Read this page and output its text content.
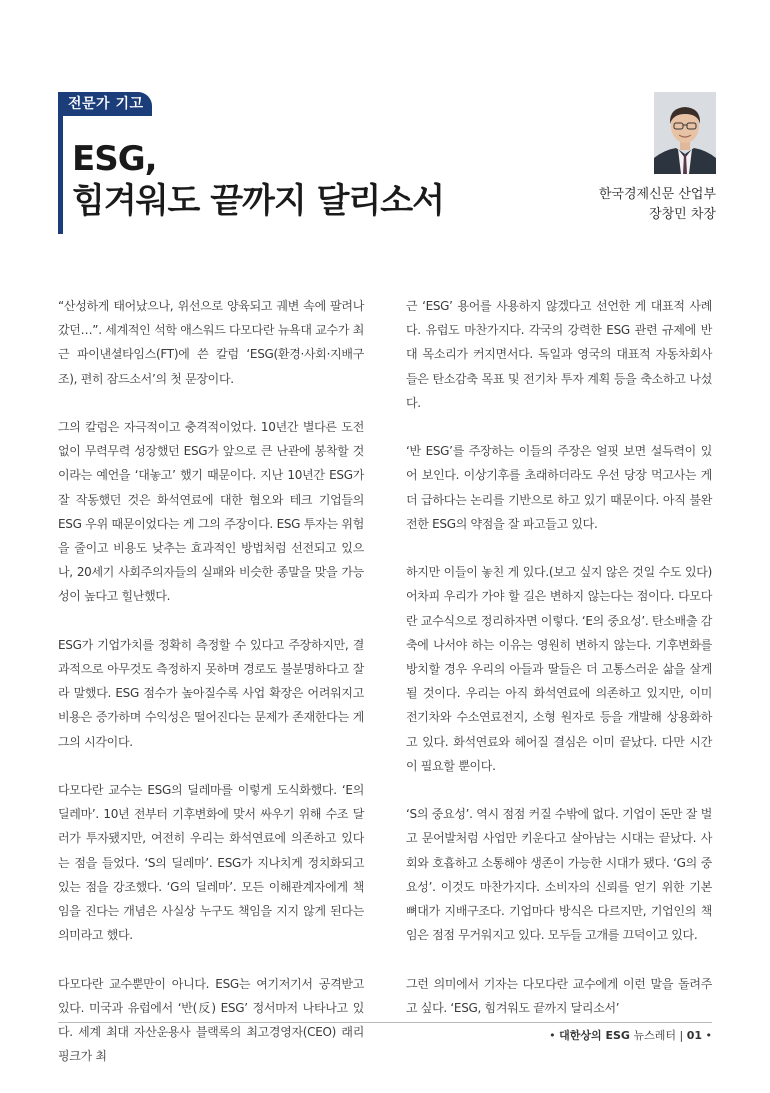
전문가 기고
ESG,
힘겨워도 끝까지 달리소서	한국경제신문 산업부
장창민 차장

“산성하게 태어났으나, 위선으로 양육되고 궤변 속에 팔려나갔던…”. 세계적인 석학 애스워드 다모다란 뉴욕대 교수가 최근 파이낸셜타임스(FT)에 쓴 칼럼 ‘ESG(환경·사회·지배구조), 편히 잠드소서’의 첫 문장이다.

그의 칼럼은 자극적이고 충격적이었다. 10년간 별다른 도전 없이 무력무력 성장했던 ESG가 앞으로 큰 난관에 봉착할 것이라는 예언을 ‘대놓고’ 했기 때문이다. 지난 10년간 ESG가 잘 작동했던 것은 화석연료에 대한 혐오와 테크 기업들의 ESG 우위 때문이었다는 게 그의 주장이다. ESG 투자는 위험을 줄이고 비용도 낮추는 효과적인 방법처럼 선전되고 있으나, 20세기 사회주의자들의 실패와 비슷한 종말을 맞을 가능성이 높다고 힐난했다.

ESG가 기업가치를 정확히 측정할 수 있다고 주장하지만, 결과적으로 아무것도 측정하지 못하며 경로도 불분명하다고 잘라 말했다. ESG 점수가 높아질수록 사업 확장은 어려워지고 비용은 증가하며 수익성은 떨어진다는 문제가 존재한다는 게 그의 시각이다.

다모다란 교수는 ESG의 딜레마를 이렇게 도식화했다. ‘E의 딜레마’. 10년 전부터 기후변화에 맞서 싸우기 위해 수조 달러가 투자됐지만, 여전히 우리는 화석연료에 의존하고 있다는 점을 들었다. ‘S의 딜레마’. ESG가 지나치게 정치화되고 있는 점을 강조했다. ‘G의 딜레마’. 모든 이해관계자에게 책임을 진다는 개념은 사실상 누구도 책임을 지지 않게 된다는 의미라고 했다.

다모다란 교수뿐만이 아니다. ESG는 여기저기서 공격받고 있다. 미국과 유럽에서 ‘반(反) ESG’ 정서마저 나타나고 있다. 세계 최대 자산운용사 블랙록의 최고경영자(CEO) 래리 핑크가 최

근 ‘ESG’ 용어를 사용하지 않겠다고 선언한 게 대표적 사례다. 유럽도 마찬가지다. 각국의 강력한 ESG 관련 규제에 반대 목소리가 커지면서다. 독일과 영국의 대표적 자동차회사들은 탄소감축 목표 및 전기차 투자 계획 등을 축소하고 나섰다.

‘반 ESG’를 주장하는 이들의 주장은 얼핏 보면 설득력이 있어 보인다. 이상기후를 초래하더라도 우선 당장 먹고사는 게 더 급하다는 논리를 기반으로 하고 있기 때문이다. 아직 불완전한 ESG의 약점을 잘 파고들고 있다.

하지만 이들이 놓친 게 있다.(보고 싶지 않은 것일 수도 있다) 어차피 우리가 가야 할 길은 변하지 않는다는 점이다. 다모다란 교수식으로 정리하자면 이렇다. ‘E의 중요성’. 탄소배출 감축에 나서야 하는 이유는 영원히 변하지 않는다. 기후변화를 방치할 경우 우리의 아들과 딸들은 더 고통스러운 삶을 살게 될 것이다. 우리는 아직 화석연료에 의존하고 있지만, 이미 전기차와 수소연료전지, 소형 원자로 등을 개발해 상용화하고 있다. 화석연료와 헤어질 결심은 이미 끝났다. 다만 시간이 필요할 뿐이다.

‘S의 중요성’. 역시 점점 커질 수밖에 없다. 기업이 돈만 잘 벌고 문어발처럼 사업만 키운다고 살아남는 시대는 끝났다. 사회와 호흡하고 소통해야 생존이 가능한 시대가 됐다. ‘G의 중요성’. 이것도 마찬가지다. 소비자의 신뢰를 얻기 위한 기본 뼈대가 지배구조다. 기업마다 방식은 다르지만, 기업인의 책임은 점점 무거워지고 있다. 모두들 고개를 끄덕이고 있다.

그런 의미에서 기자는 다모다란 교수에게 이런 말을 돌려주고 싶다. ‘ESG, 힘겨워도 끝까지 달리소서’

• 대한상의 ESG 뉴스레터 | 01 •
